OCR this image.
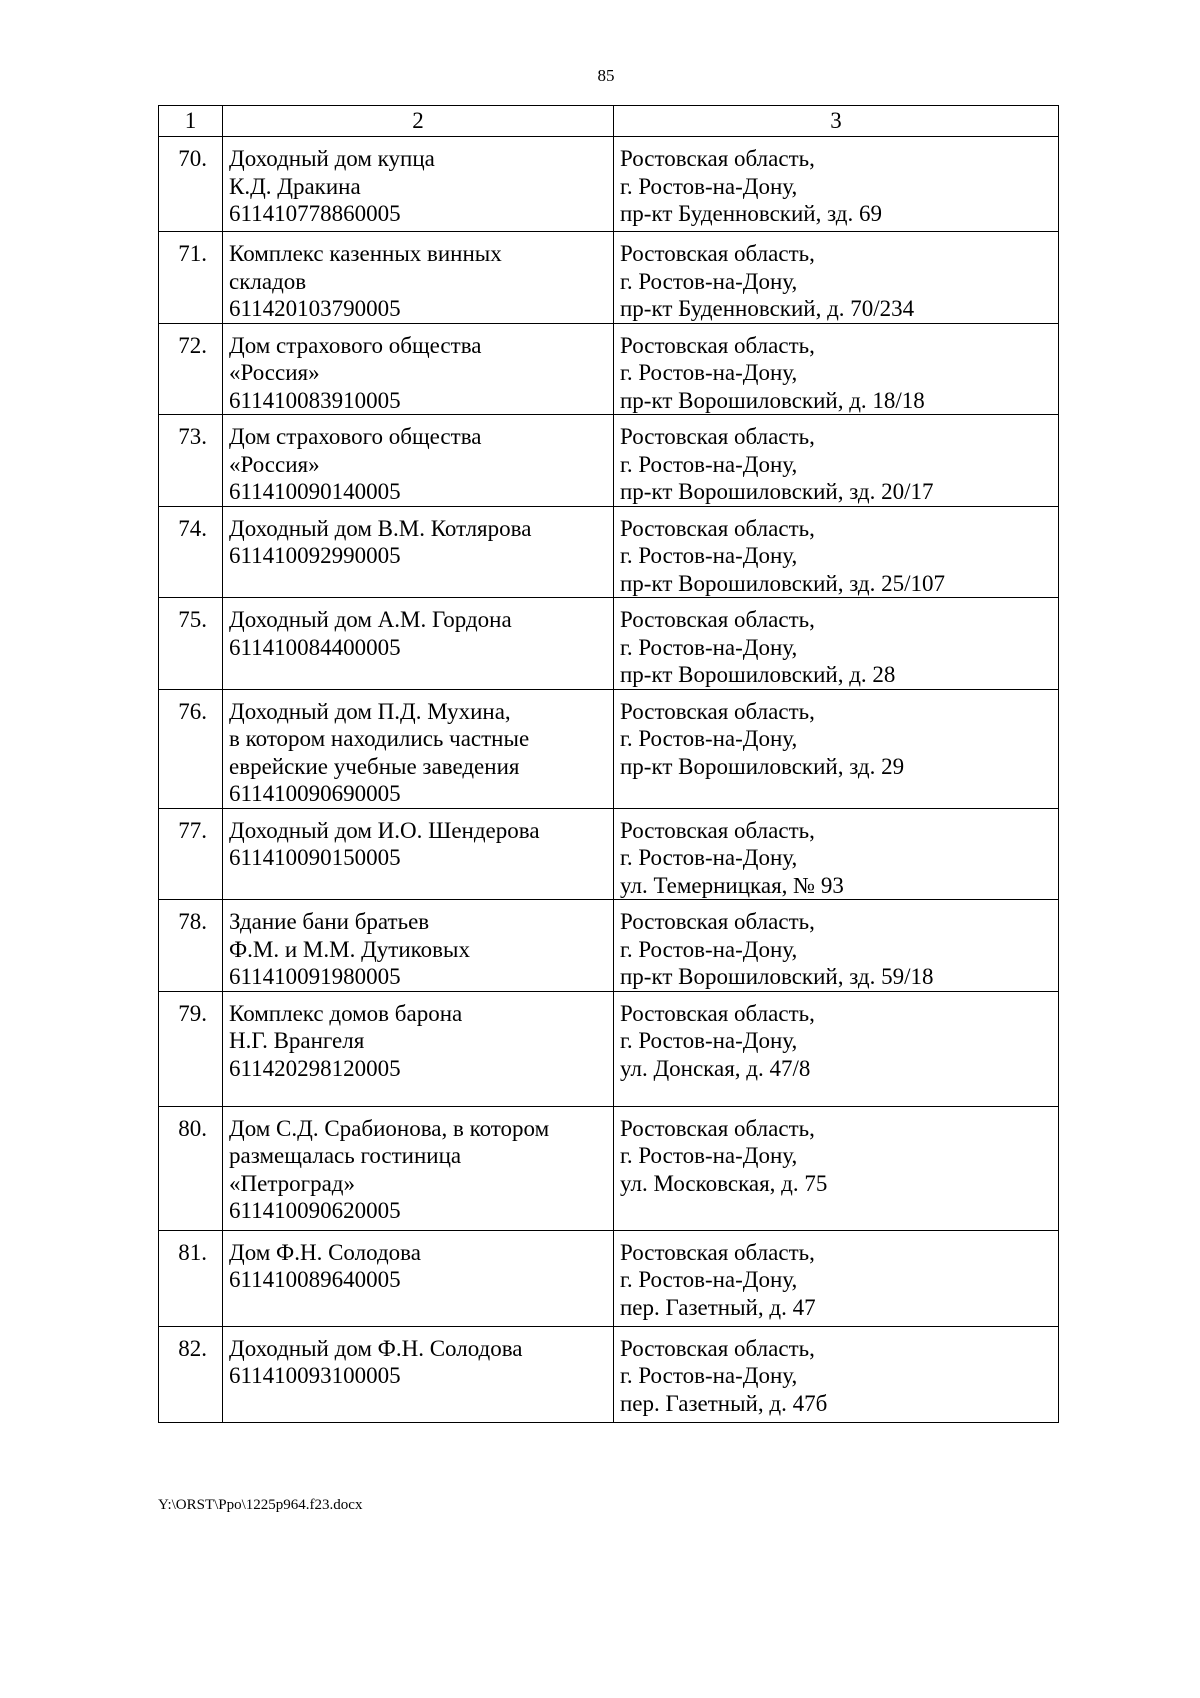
85
1	2	3
70.	Доходный дом купца
К.Д. Дракина
611410778860005	Ростовская область,
г. Ростов-на-Дону,
пр-кт Буденновский, зд. 69

71.	Комплекс казенных винных
складов
611420103790005	Ростовская область,
г. Ростов-на-Дону,
пр-кт Буденновский, д. 70/234

72.	Дом страхового общества
«Россия»
611410083910005	Ростовская область,
г. Ростов-на-Дону,
пр-кт Ворошиловский, д. 18/18

73.	Дом страхового общества
«Россия»
611410090140005	Ростовская область,
г. Ростов-на-Дону,
пр-кт Ворошиловский, зд. 20/17

74.	Доходный дом В.М. Котлярова
611410092990005	Ростовская область,
г. Ростов-на-Дону,
пр-кт Ворошиловский, зд. 25/107

75.	Доходный дом А.М. Гордона
611410084400005	Ростовская область,
г. Ростов-на-Дону,
пр-кт Ворошиловский, д. 28

76.	Доходный дом П.Д. Мухина,
в котором находились частные
еврейские учебные заведения
611410090690005	Ростовская область,
г. Ростов-на-Дону,
пр-кт Ворошиловский, зд. 29

77.	Доходный дом И.О. Шендерова
611410090150005	Ростовская область,
г. Ростов-на-Дону,
ул. Темерницкая, № 93

78.	Здание бани братьев
Ф.М. и М.М. Дутиковых
611410091980005	Ростовская область,
г. Ростов-на-Дону,
пр-кт Ворошиловский, зд. 59/18

79.	Комплекс домов барона
Н.Г. Врангеля
611420298120005	Ростовская область,
г. Ростов-на-Дону,
ул. Донская, д. 47/8

80.	Дом С.Д. Срабионова, в котором
размещалась гостиница
«Петроград»
611410090620005	Ростовская область,
г. Ростов-на-Дону,
ул. Московская, д. 75

81.	Дом Ф.Н. Солодова
611410089640005	Ростовская область,
г. Ростов-на-Дону,
пер. Газетный, д. 47

82.	Доходный дом Ф.Н. Солодова
611410093100005	Ростовская область,
г. Ростов-на-Дону,
пер. Газетный, д. 47б
Y:\ORST\Ppo\1225p964.f23.docx
